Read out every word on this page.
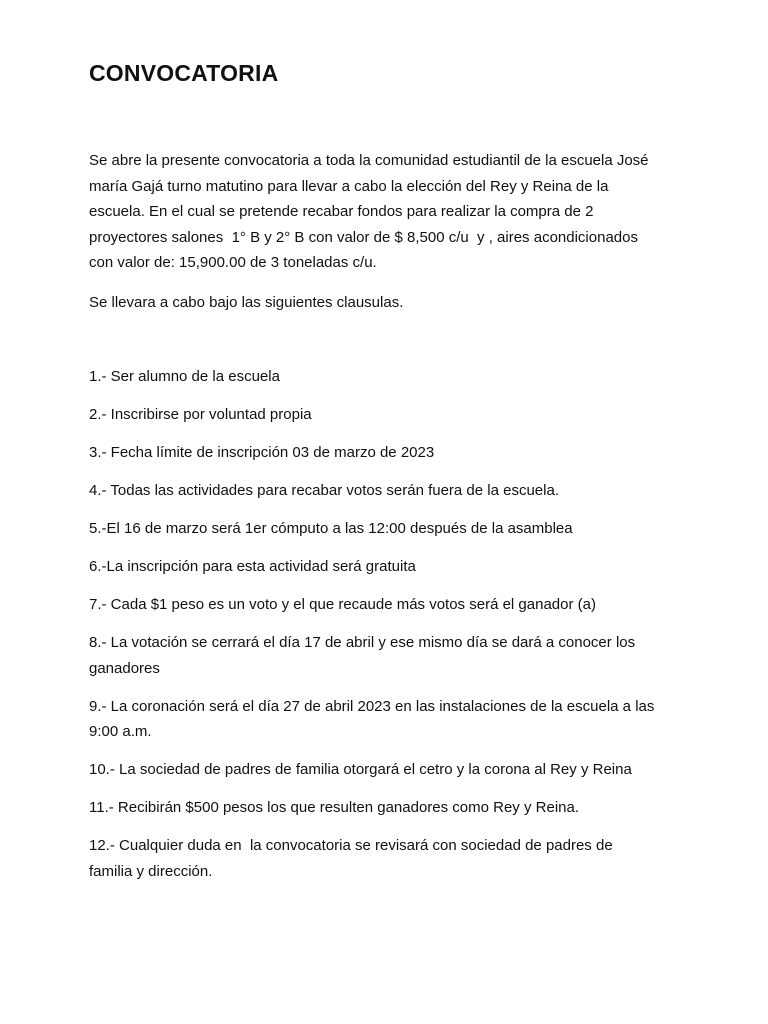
CONVOCATORIA

Se abre la presente convocatoria a toda la comunidad estudiantil de la escuela José
maría Gajá turno matutino para llevar a cabo la elección del Rey y Reina de la
escuela. En el cual se pretende recabar fondos para realizar la compra de 2
proyectores salones  1° B y 2° B con valor de $ 8,500 c/u  y , aires acondicionados
con valor de: 15,900.00 de 3 toneladas c/u.

Se llevara a cabo bajo las siguientes clausulas.

1.- Ser alumno de la escuela

2.- Inscribirse por voluntad propia

3.- Fecha límite de inscripción 03 de marzo de 2023

4.- Todas las actividades para recabar votos serán fuera de la escuela.

5.-El 16 de marzo será 1er cómputo a las 12:00 después de la asamblea

6.-La inscripción para esta actividad será gratuita

7.- Cada $1 peso es un voto y el que recaude más votos será el ganador (a)

8.- La votación se cerrará el día 17 de abril y ese mismo día se dará a conocer los
ganadores

9.- La coronación será el día 27 de abril 2023 en las instalaciones de la escuela a las
9:00 a.m.

10.- La sociedad de padres de familia otorgará el cetro y la corona al Rey y Reina

11.- Recibirán $500 pesos los que resulten ganadores como Rey y Reina.

12.- Cualquier duda en  la convocatoria se revisará con sociedad de padres de
familia y dirección.
